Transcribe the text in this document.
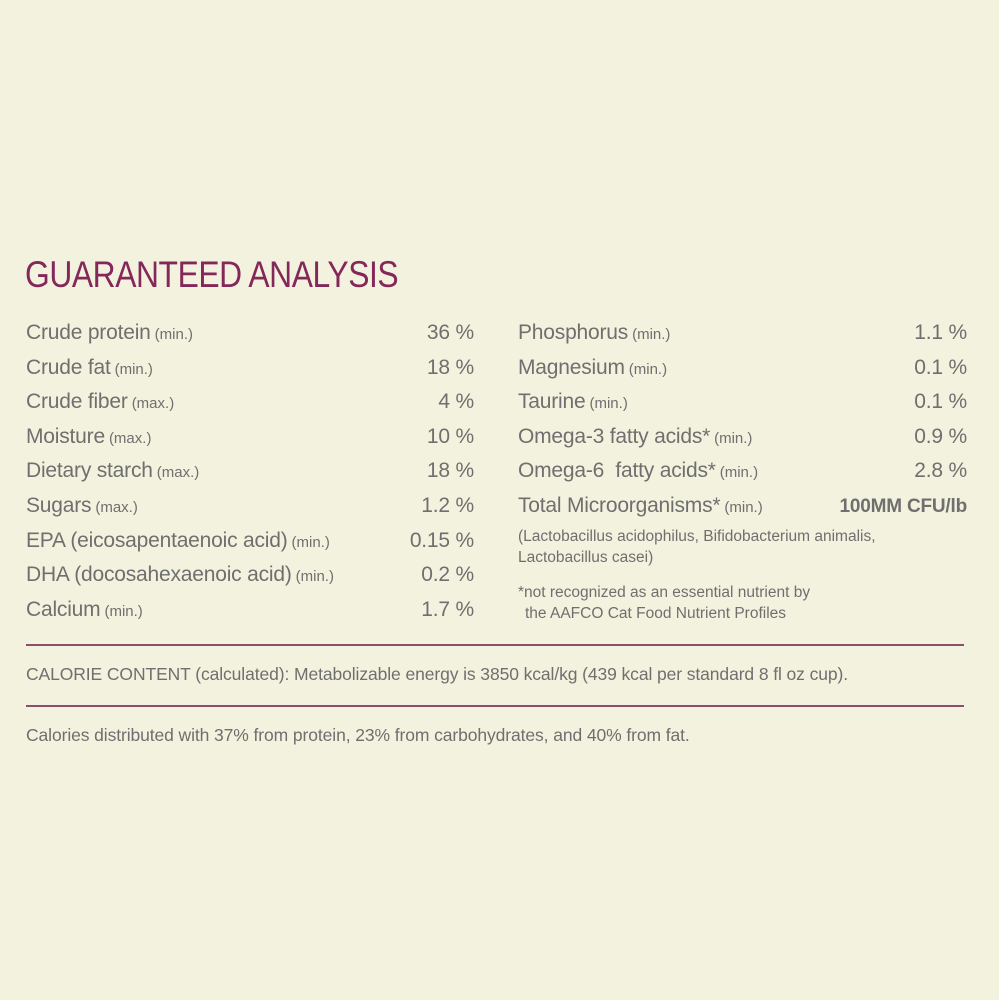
GUARANTEED ANALYSIS
Crude protein (min.)	36 %
Crude fat (min.)	18 %
Crude fiber (max.)	4 %
Moisture (max.)	10 %
Dietary starch (max.)	18 %
Sugars (max.)	1.2 %
EPA (eicosapentaenoic acid) (min.)	0.15 %
DHA (docosahexaenoic acid) (min.)	0.2 %
Calcium (min.)	1.7 %
Phosphorus (min.)	1.1 %
Magnesium (min.)	0.1 %
Taurine (min.)	0.1 %
Omega-3 fatty acids* (min.)	0.9 %
Omega-6  fatty acids* (min.)	2.8 %
Total Microorganisms* (min.)	100MM CFU/lb
(Lactobacillus acidophilus, Bifidobacterium animalis,
Lactobacillus casei)
*not recognized as an essential nutrient by
the AAFCO Cat Food Nutrient Profiles
CALORIE CONTENT (calculated): Metabolizable energy is 3850 kcal/kg (439 kcal per standard 8 fl oz cup).
Calories distributed with 37% from protein, 23% from carbohydrates, and 40% from fat.
